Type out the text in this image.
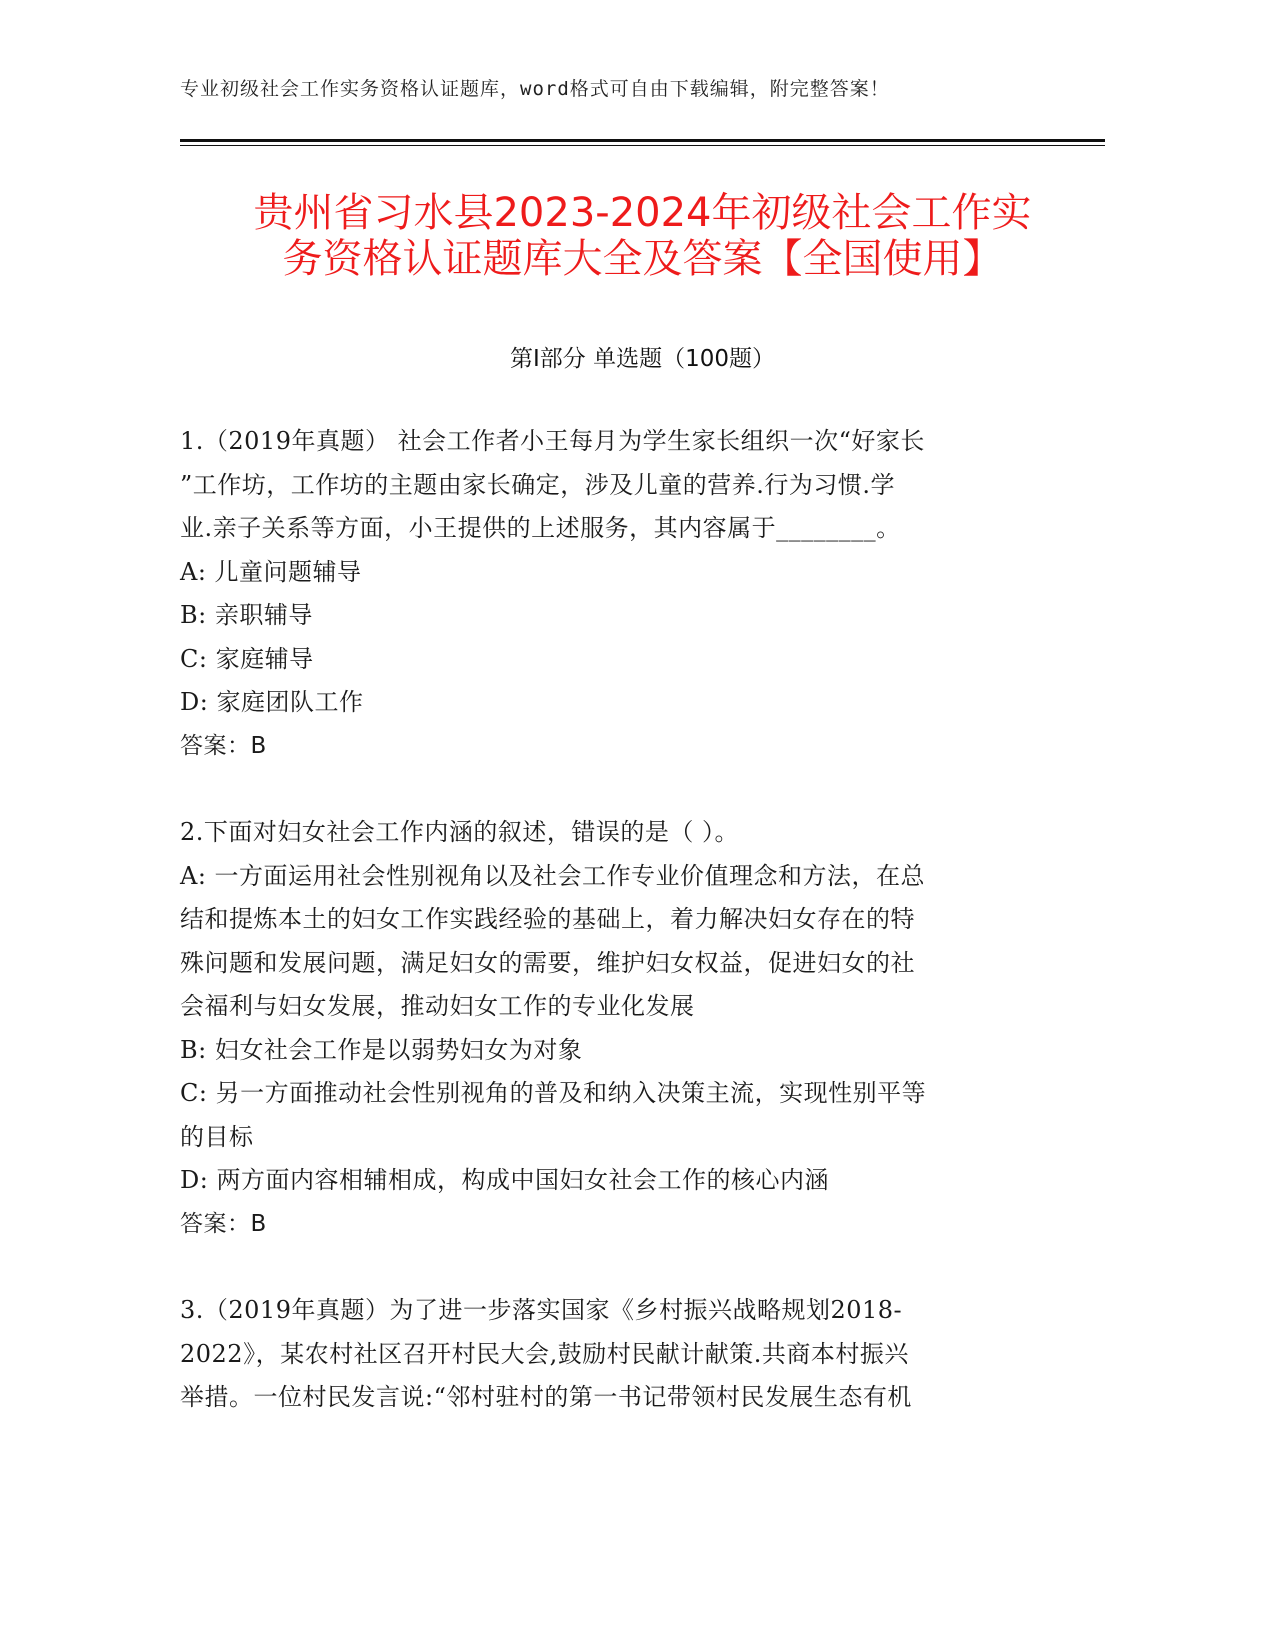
专业初级社会工作实务资格认证题库，word格式可自由下载编辑，附完整答案！
贵州省习水县2023-2024年初级社会工作实
务资格认证题库大全及答案【全国使用】
第Ⅰ部分 单选题（100题）

1.（2019年真题） 社会工作者小王每月为学生家长组织一次“好家长

”工作坊，工作坊的主题由家长确定，涉及儿童的营养.行为习惯.学

业.亲子关系等方面，小王提供的上述服务，其内容属于________。

A: 儿童问题辅导

B: 亲职辅导

C: 家庭辅导

D: 家庭团队工作

答案：B

2.下面对妇女社会工作内涵的叙述，错误的是（ ）。

A: 一方面运用社会性别视角以及社会工作专业价值理念和方法，在总

结和提炼本土的妇女工作实践经验的基础上，着力解决妇女存在的特

殊问题和发展问题，满足妇女的需要，维护妇女权益，促进妇女的社

会福利与妇女发展，推动妇女工作的专业化发展

B: 妇女社会工作是以弱势妇女为对象

C: 另一方面推动社会性别视角的普及和纳入决策主流，实现性别平等

的目标

D: 两方面内容相辅相成，构成中国妇女社会工作的核心内涵

答案：B

3.（2019年真题）为了进一步落实国家《乡村振兴战略规划2018-

2022》，某农村社区召开村民大会,鼓励村民献计献策.共商本村振兴

举措。一位村民发言说:“邻村驻村的第一书记带领村民发展生态有机
